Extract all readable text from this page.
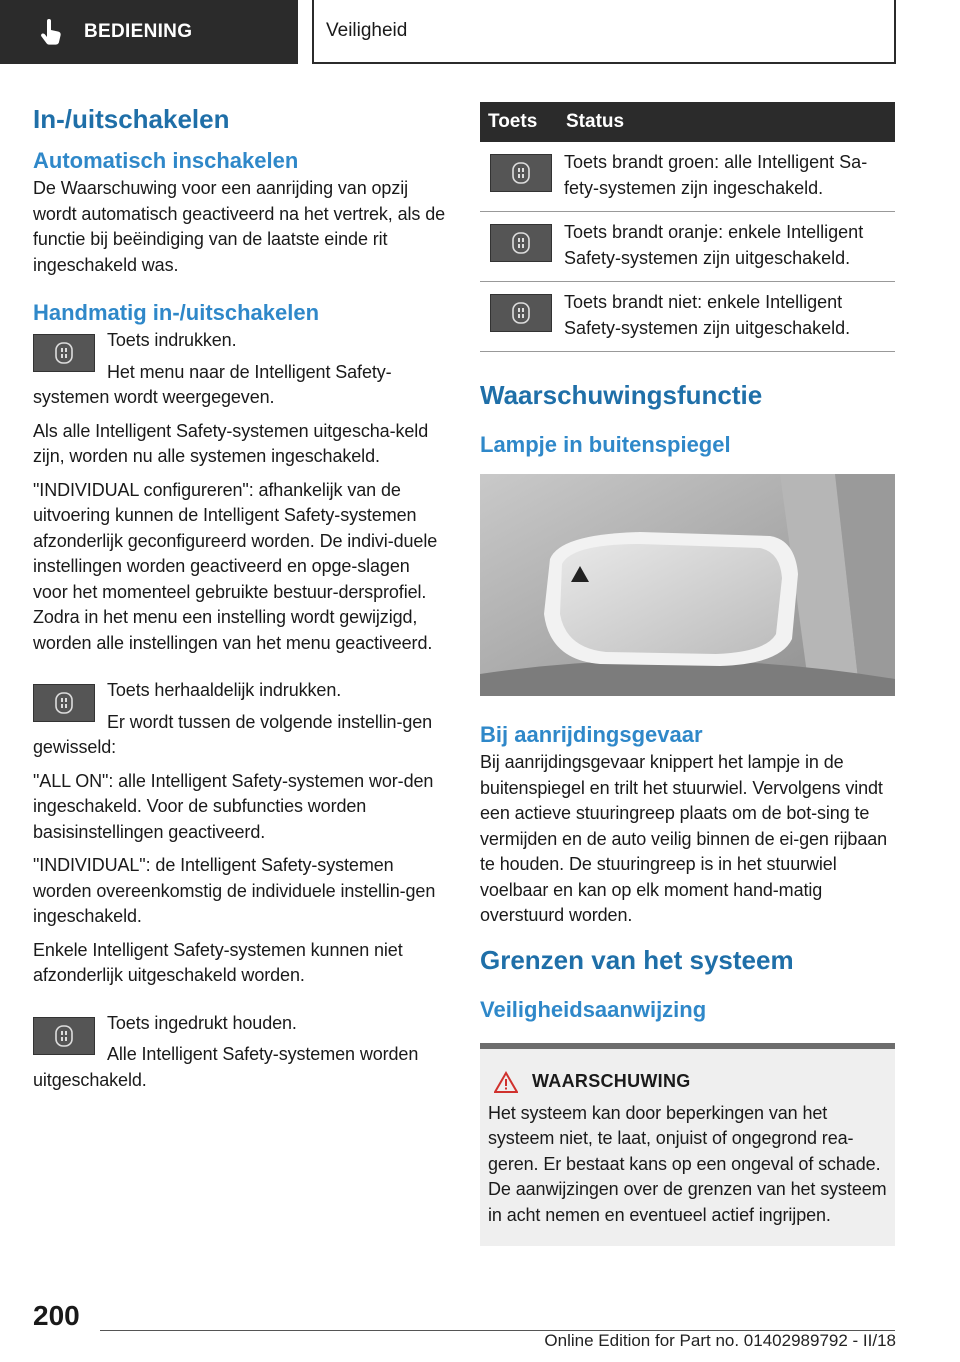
BEDIENING	Veiligheid
In-/uitschakelen
Automatisch inschakelen

De Waarschuwing voor een aanrijding van opzij wordt automatisch geactiveerd na het vertrek, als de functie bij beëindiging van de laatste einde rit ingeschakeld was.

Handmatig in-/uitschakelen

Toets indrukken.

Het menu naar de Intelligent Safety-systemen wordt weergegeven.

Als alle Intelligent Safety-systemen uitgescha-keld zijn, worden nu alle systemen ingeschakeld.

"INDIVIDUAL configureren": afhankelijk van de uitvoering kunnen de Intelligent Safety-systemen afzonderlijk geconfigureerd worden. De indivi-duele instellingen worden geactiveerd en opge-slagen voor het momenteel gebruikte bestuur-dersprofiel. Zodra in het menu een instelling wordt gewijzigd, worden alle instellingen van het menu geactiveerd.

Toets herhaaldelijk indrukken.

Er wordt tussen de volgende instellin-gen gewisseld:

"ALL ON": alle Intelligent Safety-systemen wor-den ingeschakeld. Voor de subfuncties worden basisinstellingen geactiveerd.

"INDIVIDUAL": de Intelligent Safety-systemen worden overeenkomstig de individuele instellin-gen ingeschakeld.

Enkele Intelligent Safety-systemen kunnen niet afzonderlijk uitgeschakeld worden.

Toets ingedrukt houden.

Alle Intelligent Safety-systemen worden uitgeschakeld.

Toets	Status

	Toets brandt groen: alle Intelligent Sa-fety-systemen zijn ingeschakeld.

	Toets brandt oranje: enkele Intelligent Safety-systemen zijn uitgeschakeld.

	Toets brandt niet: enkele Intelligent Safety-systemen zijn uitgeschakeld.
Waarschuwingsfunctie
Lampje in buitenspiegel
Bij aanrijdingsgevaar

Bij aanrijdingsgevaar knippert het lampje in de buitenspiegel en trilt het stuurwiel. Vervolgens vindt een actieve stuuringreep plaats om de bot-sing te vermijden en de auto veilig binnen de ei-gen rijbaan te houden. De stuuringreep is in het stuurwiel voelbaar en kan op elk moment hand-matig overstuurd worden.

Grenzen van het systeem
Veiligheidsaanwijzing
WAARSCHUWING

Het systeem kan door beperkingen van het systeem niet, te laat, onjuist of ongegrond rea-geren. Er bestaat kans op een ongeval of schade. De aanwijzingen over de grenzen van het systeem in acht nemen en eventueel actief ingrijpen.

200
Online Edition for Part no. 01402989792 - II/18
